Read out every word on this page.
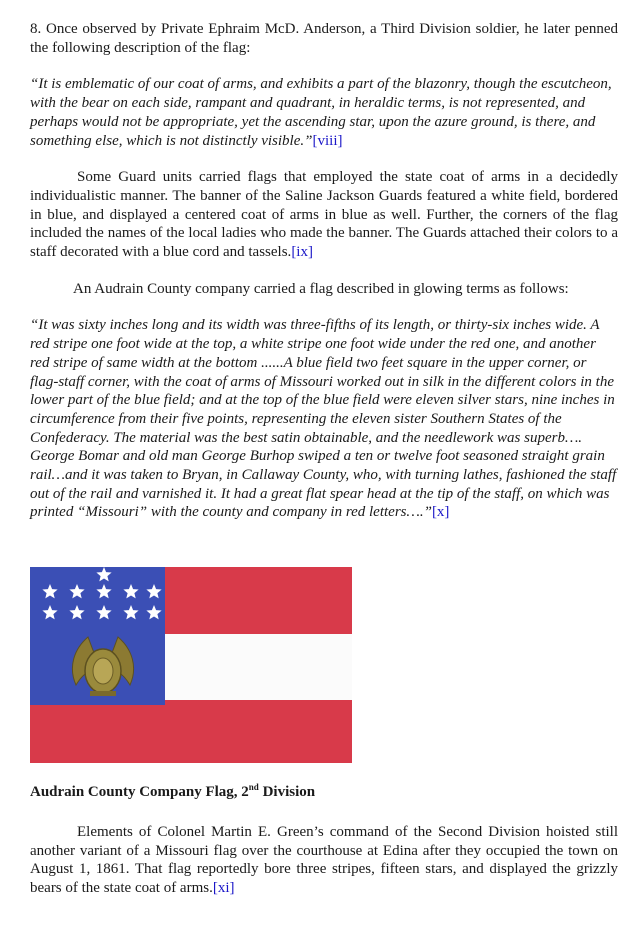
8. Once observed by Private Ephraim McD. Anderson, a Third Division soldier, he later penned the following description of the flag:

“It is emblematic of our coat of arms, and exhibits a part of the blazonry, though the escutcheon, with the bear on each side, rampant and quadrant, in heraldic terms, is not represented, and perhaps would not be appropriate, yet the ascending star, upon the azure ground, is there, and something else, which is not distinctly visible.”[viii]

Some Guard units carried flags that employed the state coat of arms in a decidedly individualistic manner. The banner of the Saline Jackson Guards featured a white field, bordered in blue, and displayed a centered coat of arms in blue as well. Further, the corners of the flag included the names of the local ladies who made the banner. The Guards attached their colors to a staff decorated with a blue cord and tassels.[ix]

An Audrain County company carried a flag described in glowing terms as follows:

“It was sixty inches long and its width was three-fifths of its length, or thirty-six inches wide. A red stripe one foot wide at the top, a white stripe one foot wide under the red one, and another red stripe of same width at the bottom ......A blue field two feet square in the upper corner, or flag-staff corner, with the coat of arms of Missouri worked out in silk in the different colors in the lower part of the blue field; and at the top of the blue field were eleven silver stars, nine inches in circumference from their five points, representing the eleven sister Southern States of the Confederacy. The material was the best satin obtainable, and the needlework was superb…. George Bomar and old man George Burhop swiped a ten or twelve foot seasoned straight grain rail…and it was taken to Bryan, in Callaway County, who, with turning lathes, fashioned the staff out of the rail and varnished it. It had a great flat spear head at the tip of the staff, on which was printed “Missouri” with the county and company in red letters….”[x]

Audrain County Company Flag, 2nd Division

Elements of Colonel Martin E. Green’s command of the Second Division hoisted still another variant of a Missouri flag over the courthouse at Edina after they occupied the town on August 1, 1861. That flag reportedly bore three stripes, fifteen stars, and displayed the grizzly bears of the state coat of arms.[xi]
